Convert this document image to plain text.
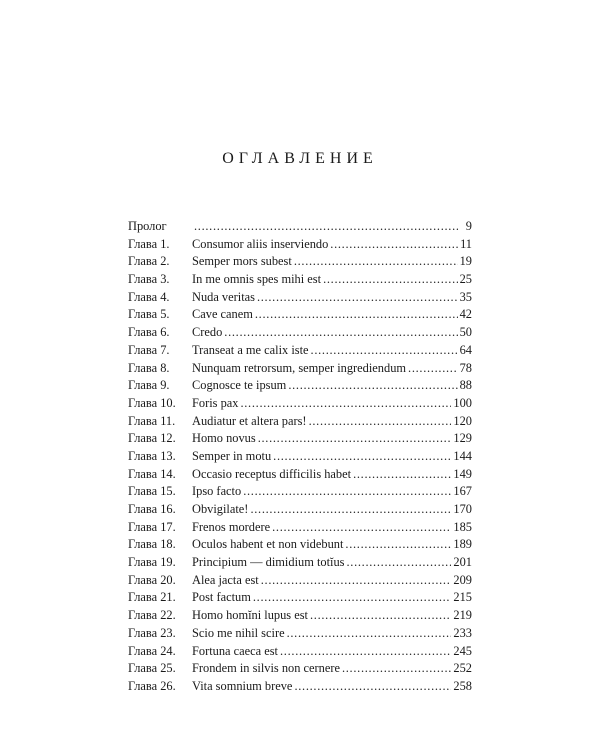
ОГЛАВЛЕНИЕ
Пролог . . .	9
Глава 1.	Consumor aliis inserviendo . . .	11
Глава 2.	Semper mors subest . . .	19
Глава 3.	In me omnis spes mihi est . . .	25
Глава 4.	Nuda veritas . . .	35
Глава 5.	Cave canem . . .	42
Глава 6.	Credo . . .	50
Глава 7.	Transeat a me calix iste . . .	64
Глава 8.	Nunquam retrorsum, semper ingrediendum . . .	78
Глава 9.	Cognosce te ipsum . . .	88
Глава 10.	Foris pax . . .	100
Глава 11.	Audiatur et altera pars! . . .	120
Глава 12.	Homo novus . . .	129
Глава 13.	Semper in motu . . .	144
Глава 14.	Occasio receptus difficilis habet . . .	149
Глава 15.	Ipso facto . . .	167
Глава 16.	Obvigilate! . . .	170
Глава 17.	Frenos mordere . . .	185
Глава 18.	Oculos habent et non videbunt . . .	189
Глава 19.	Principium — dimidium totĭus . . .	201
Глава 20.	Alea jacta est . . .	209
Глава 21.	Post factum . . .	215
Глава 22.	Homo homĭni lupus est . . .	219
Глава 23.	Scio me nihil scire . . .	233
Глава 24.	Fortuna caeca est . . .	245
Глава 25.	Frondem in silvis non cernere . . .	252
Глава 26.	Vita somnium breve . . .	258
